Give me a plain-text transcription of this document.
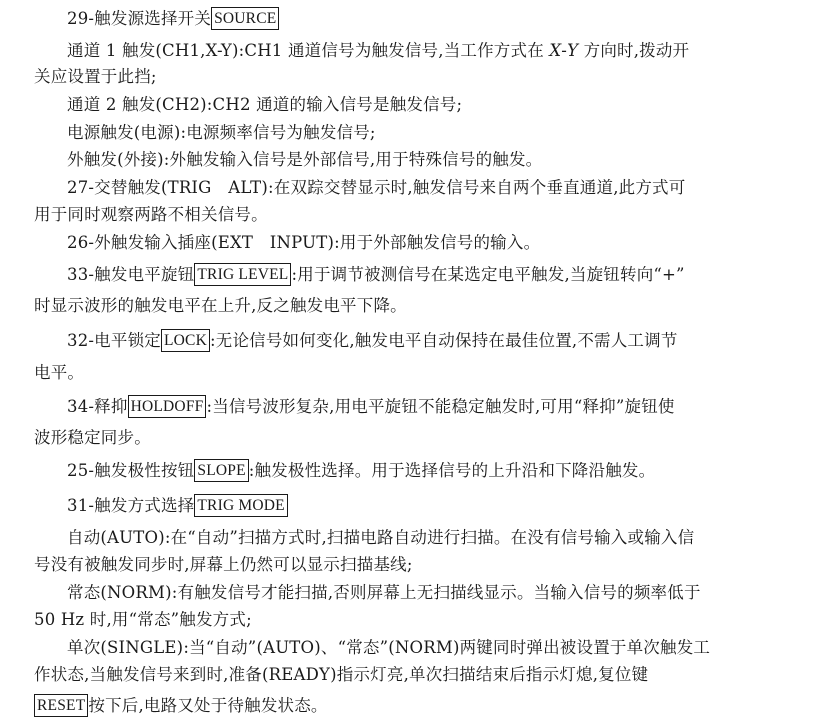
29-触发源选择开关 SOURCE
通道 1 触发(CH1,X-Y):CH1 通道信号为触发信号,当工作方式在 X-Y 方向时,拨动开
关应设置于此挡;
通道 2 触发(CH2):CH2 通道的输入信号是触发信号;
电源触发(电源):电源频率信号为触发信号;
外触发(外接):外触发输入信号是外部信号,用于特殊信号的触发。
27-交替触发(TRIG　ALT):在双踪交替显示时,触发信号来自两个垂直通道,此方式可
用于同时观察两路不相关信号。
26-外触发输入插座(EXT　INPUT):用于外部触发信号的输入。
33-触发电平旋钮 TRIG LEVEL :用于调节被测信号在某选定电平触发,当旋钮转向“+”
时显示波形的触发电平在上升,反之触发电平下降。
32-电平锁定 LOCK :无论信号如何变化,触发电平自动保持在最佳位置,不需人工调节
电平。
34-释抑 HOLDOFF :当信号波形复杂,用电平旋钮不能稳定触发时,可用“释抑”旋钮使
波形稳定同步。
25-触发极性按钮 SLOPE :触发极性选择。用于选择信号的上升沿和下降沿触发。
31-触发方式选择 TRIG MODE
自动(AUTO):在“自动”扫描方式时,扫描电路自动进行扫描。在没有信号输入或输入信
号没有被触发同步时,屏幕上仍然可以显示扫描基线;
常态(NORM):有触发信号才能扫描,否则屏幕上无扫描线显示。当输入信号的频率低于
50 Hz 时,用“常态”触发方式;
单次(SINGLE):当“自动”(AUTO)、“常态”(NORM)两键同时弹出被设置于单次触发工
作状态,当触发信号来到时,准备(READY)指示灯亮,单次扫描结束后指示灯熄,复位键
RESET 按下后,电路又处于待触发状态。
